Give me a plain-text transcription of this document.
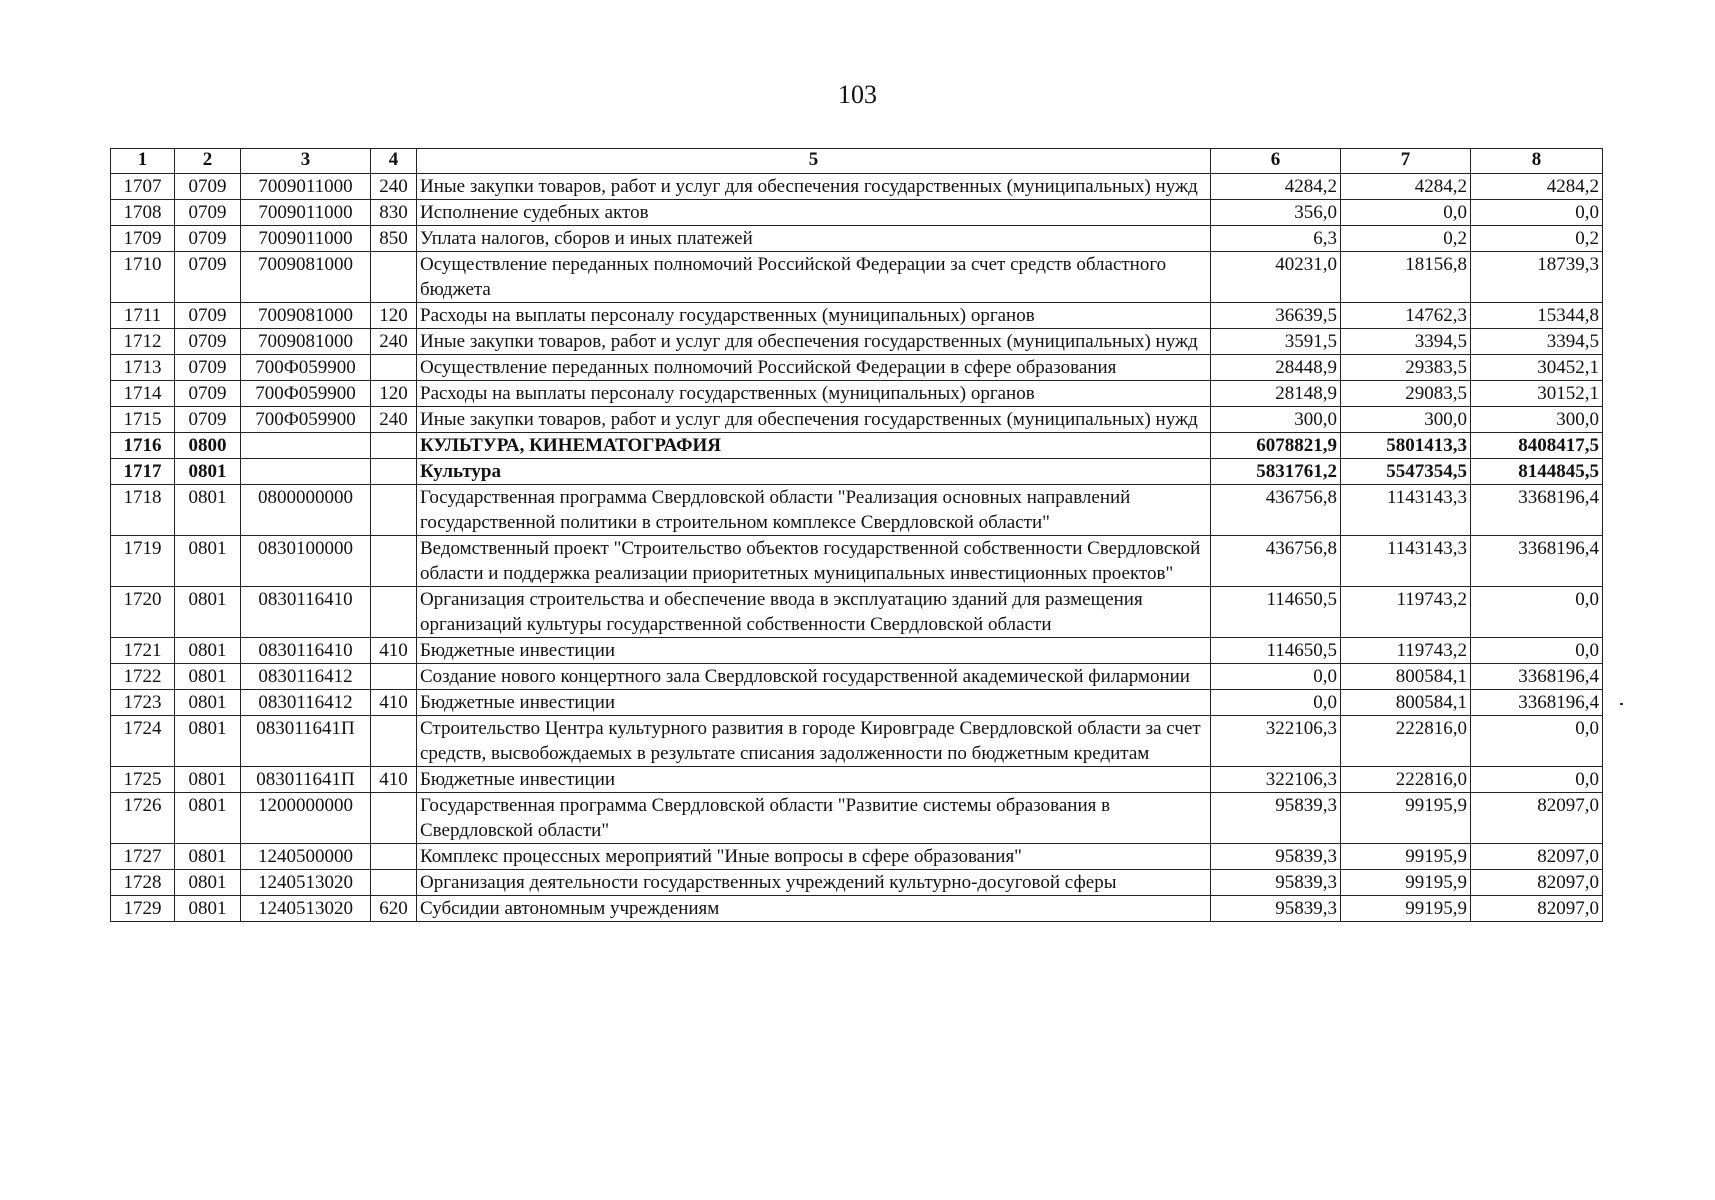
103
1	2	3	4	5	6	7	8
1707	0709	7009011000	240	Иные закупки товаров, работ и услуг для обеспечения государственных (муниципальных) нужд	4284,2	4284,2	4284,2
1708	0709	7009011000	830	Исполнение судебных актов	356,0	0,0	0,0
1709	0709	7009011000	850	Уплата налогов, сборов и иных платежей	6,3	0,2	0,2
1710	0709	7009081000		Осуществление переданных полномочий Российской Федерации за счет средств областного бюджета	40231,0	18156,8	18739,3
1711	0709	7009081000	120	Расходы на выплаты персоналу государственных (муниципальных) органов	36639,5	14762,3	15344,8
1712	0709	7009081000	240	Иные закупки товаров, работ и услуг для обеспечения государственных (муниципальных) нужд	3591,5	3394,5	3394,5
1713	0709	700Ф059900		Осуществление переданных полномочий Российской Федерации в сфере образования	28448,9	29383,5	30452,1
1714	0709	700Ф059900	120	Расходы на выплаты персоналу государственных (муниципальных) органов	28148,9	29083,5	30152,1
1715	0709	700Ф059900	240	Иные закупки товаров, работ и услуг для обеспечения государственных (муниципальных) нужд	300,0	300,0	300,0
1716	0800			КУЛЬТУРА, КИНЕМАТОГРАФИЯ	6078821,9	5801413,3	8408417,5
1717	0801			Культура	5831761,2	5547354,5	8144845,5
1718	0801	0800000000		Государственная программа Свердловской области "Реализация основных направлений государственной политики в строительном комплексе Свердловской области"	436756,8	1143143,3	3368196,4
1719	0801	0830100000		Ведомственный проект "Строительство объектов государственной собственности Свердловской области и поддержка реализации приоритетных муниципальных инвестиционных проектов"	436756,8	1143143,3	3368196,4
1720	0801	0830116410		Организация строительства и обеспечение ввода в эксплуатацию зданий для размещения организаций культуры государственной собственности Свердловской области	114650,5	119743,2	0,0
1721	0801	0830116410	410	Бюджетные инвестиции	114650,5	119743,2	0,0
1722	0801	0830116412		Создание нового концертного зала Свердловской государственной академической филармонии	0,0	800584,1	3368196,4
1723	0801	0830116412	410	Бюджетные инвестиции	0,0	800584,1	3368196,4
1724	0801	083011641П		Строительство Центра культурного развития в городе Кировграде Свердловской области за счет средств, высвобождаемых в результате списания задолженности по бюджетным кредитам	322106,3	222816,0	0,0
1725	0801	083011641П	410	Бюджетные инвестиции	322106,3	222816,0	0,0
1726	0801	1200000000		Государственная программа Свердловской области "Развитие системы образования в Свердловской области"	95839,3	99195,9	82097,0
1727	0801	1240500000		Комплекс процессных мероприятий "Иные вопросы в сфере образования"	95839,3	99195,9	82097,0
1728	0801	1240513020		Организация деятельности государственных учреждений культурно-досуговой сферы	95839,3	99195,9	82097,0
1729	0801	1240513020	620	Субсидии автономным учреждениям	95839,3	99195,9	82097,0
